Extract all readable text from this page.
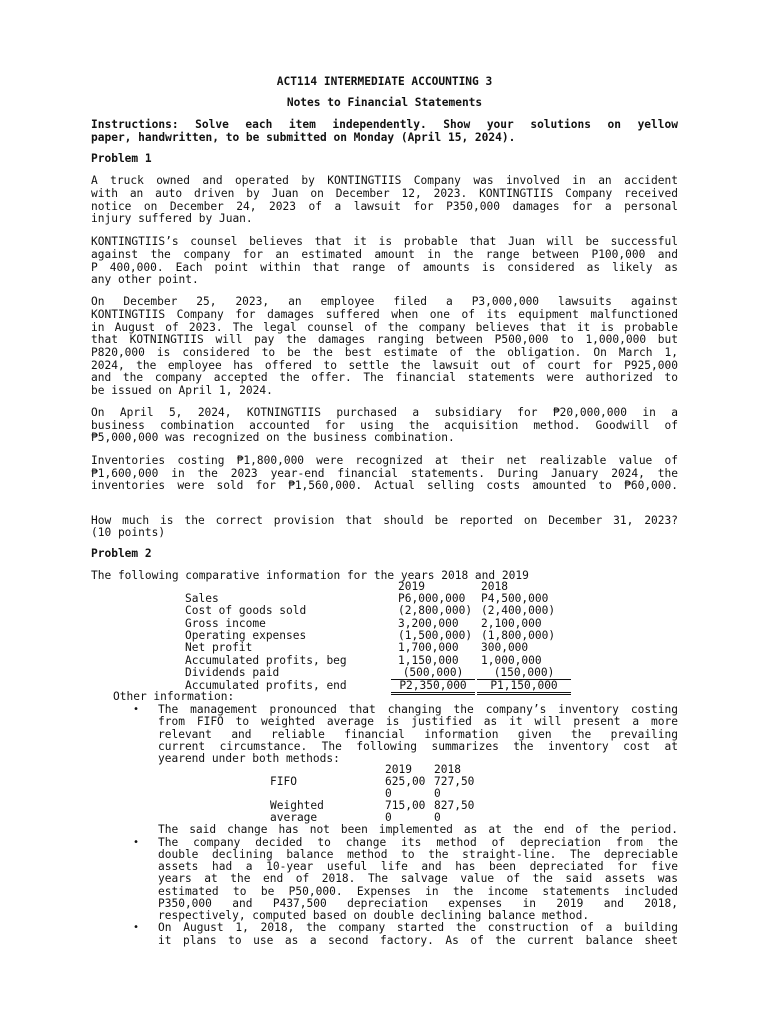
ACT114 INTERMEDIATE ACCOUNTING 3
Notes to Financial Statements
Instructions: Solve each item independently. Show your solutions on yellow
paper, handwritten, to be submitted on Monday (April 15, 2024).
Problem 1
A truck owned and operated by KONTINGTIIS Company was involved in an accident
with an auto driven by Juan on December 12, 2023. KONTINGTIIS Company received
notice on December 24, 2023 of a lawsuit for P350,000 damages for a personal
injury suffered by Juan.
KONTINGTIIS’s counsel believes that it is probable that Juan will be successful
against the company for an estimated amount in the range between P100,000 and
P 400,000. Each point within that range of amounts is considered as likely as
any other point.
On December 25, 2023, an employee filed a P3,000,000 lawsuits against
KONTINGTIIS Company for damages suffered when one of its equipment malfunctioned
in August of 2023. The legal counsel of the company believes that it is probable
that KOTNINGTIIS will pay the damages ranging between P500,000 to 1,000,000 but
P820,000 is considered to be the best estimate of the obligation. On March 1,
2024, the employee has offered to settle the lawsuit out of court for P925,000
and the company accepted the offer. The financial statements were authorized to
be issued on April 1, 2024.
On April 5, 2024, KOTNINGTIIS purchased a subsidiary for ₱20,000,000 in a
business combination accounted for using the acquisition method. Goodwill of
₱5,000,000 was recognized on the business combination.
Inventories costing ₱1,800,000 were recognized at their net realizable value of
₱1,600,000 in the 2023 year-end financial statements. During January 2024, the
inventories were sold for ₱1,560,000. Actual selling costs amounted to ₱60,000.
How much is the correct provision that should be reported on December 31, 2023?
(10 points)
Problem 2
The following comparative information for the years 2018 and 2019
2019	2018
Sales	P6,000,000 P4,500,000
Cost of goods sold	(2,800,000) (2,400,000)
Gross income	3,200,000 2,100,000
Operating expenses	(1,500,000) (1,800,000)
Net profit	1,700,000 300,000
Accumulated profits, beg	1,150,000 1,000,000
Dividends paid	(500,000)	(150,000)
Accumulated profits, end	P2,350,000	P1,150,000
Other information:
• The management pronounced that changing the company’s inventory costing
from FIFO to weighted average is justified as it will present a more
relevant and reliable financial information given the prevailing
current circumstance. The following summarizes the inventory cost at
yearend under both methods:
2019 2018
FIFO	625,00 727,50
0	0
Weighted	715,00 827,50
average	0	0
The said change has not been implemented as at the end of the period.
• The company decided to change its method of depreciation from the
double declining balance method to the straight-line. The depreciable
assets had a 10-year useful life and has been depreciated for five
years at the end of 2018. The salvage value of the said assets was
estimated to be P50,000. Expenses in the income statements included
P350,000 and P437,500 depreciation expenses in 2019 and 2018,
respectively, computed based on double declining balance method.
• On August 1, 2018, the company started the construction of a building
it plans to use as a second factory. As of the current balance sheet
